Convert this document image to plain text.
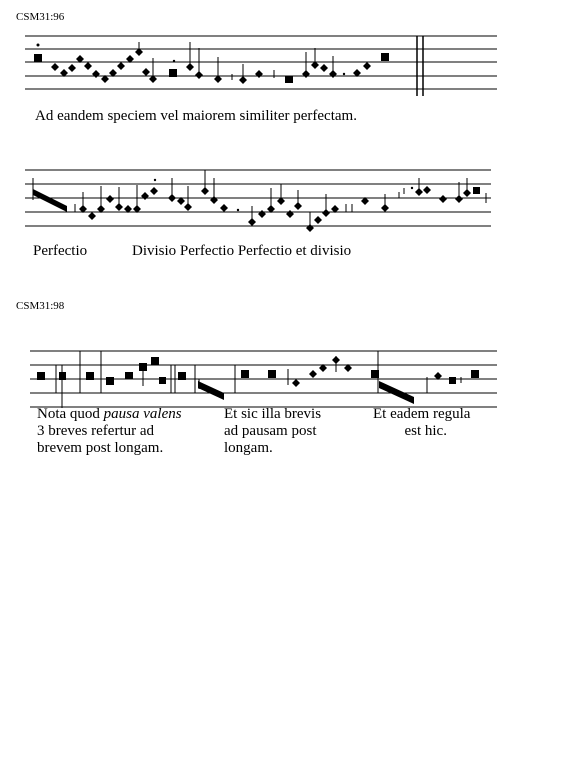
CSM31:96
Ad eandem speciem vel maiorem similiter perfectam.
Perfectio	Divisio Perfectio Perfectio et divisio
CSM31:98
Nota quod pausa valens
3 breves refertur ad
brevem post longam.
Et sic illa brevis
ad pausam post
longam.
Et eadem regula
est hic.
